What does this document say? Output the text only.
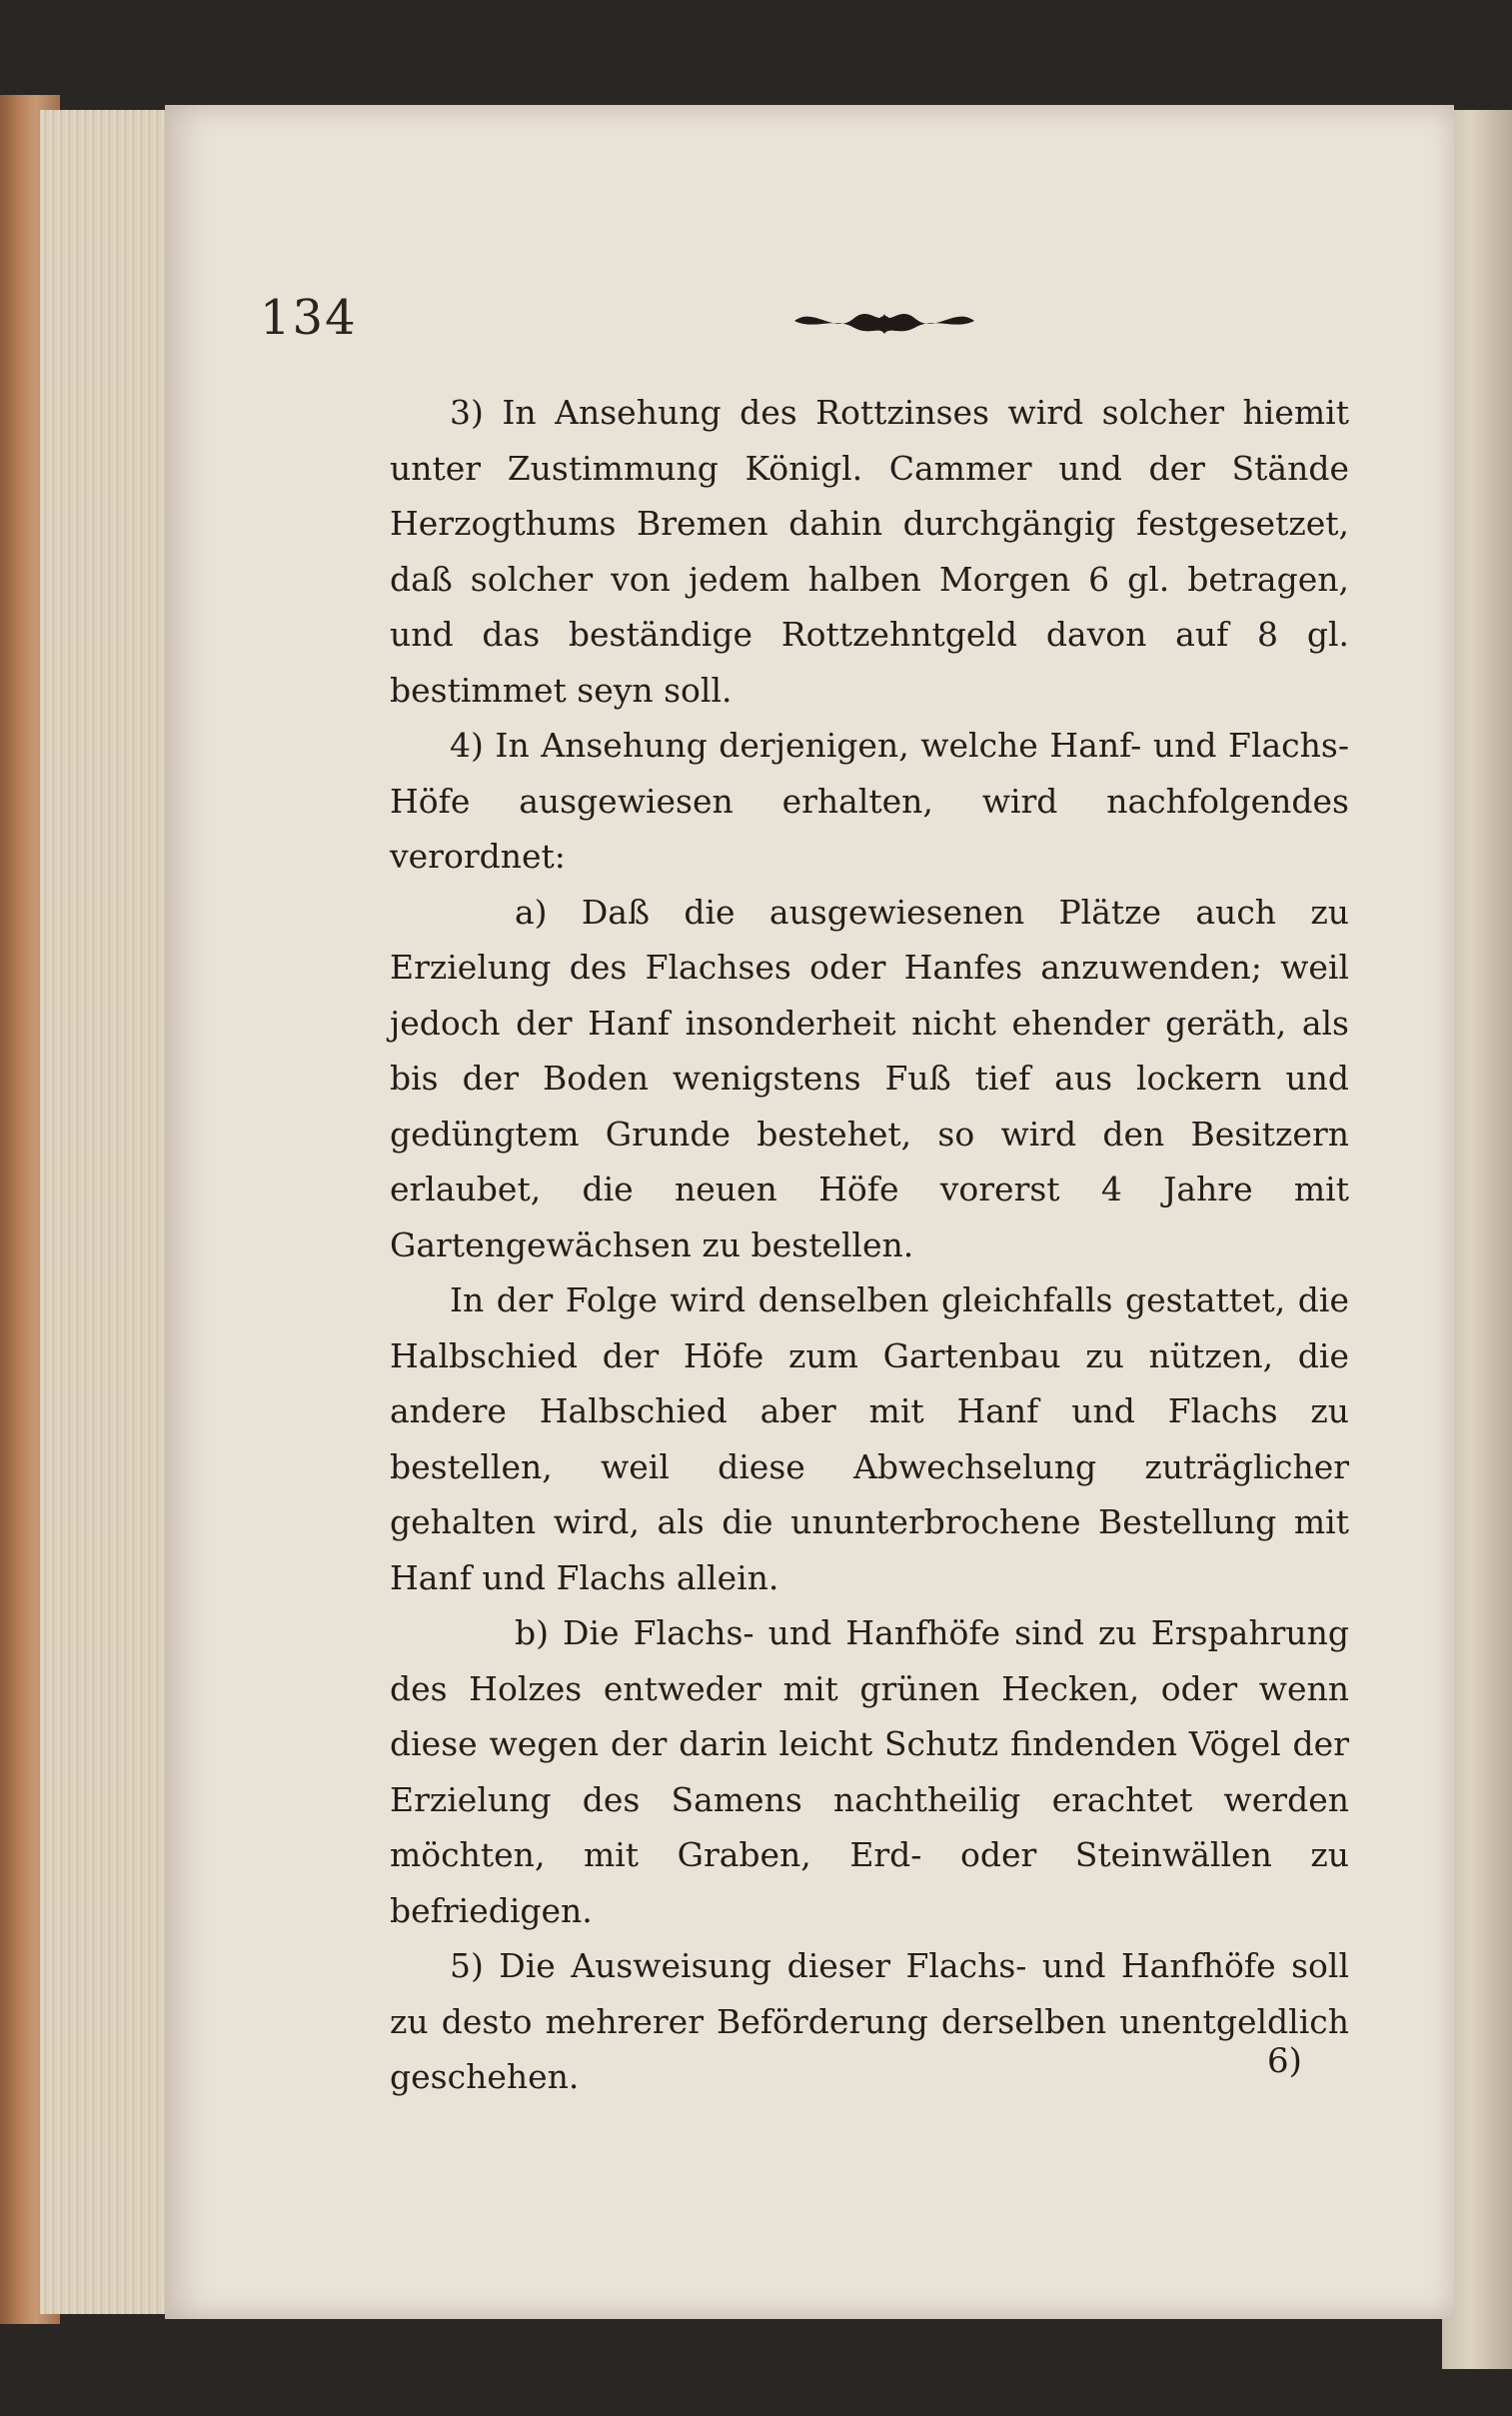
134

3) In Ansehung des Rottzinses wird solcher hiemit unter Zustimmung Königl. Cammer und der Stände Herzogthums Bremen dahin durchgängig festgesetzet, daß solcher von jedem halben Morgen 6 gl. betragen, und das beständige Rottzehntgeld davon auf 8 gl. bestimmet seyn soll.

4) In Ansehung derjenigen, welche Hanf- und Flachs-Höfe ausgewiesen erhalten, wird nachfolgendes verordnet:

a) Daß die ausgewiesenen Plätze auch zu Erzielung des Flachses oder Hanfes anzuwenden; weil jedoch der Hanf insonderheit nicht ehender geräth, als bis der Boden wenigstens Fuß tief aus lockern und gedüngtem Grunde bestehet, so wird den Besitzern erlaubet, die neuen Höfe vorerst 4 Jahre mit Gartengewächsen zu bestellen.

In der Folge wird denselben gleichfalls gestattet, die Halbschied der Höfe zum Gartenbau zu nützen, die andere Halbschied aber mit Hanf und Flachs zu bestellen, weil diese Abwechselung zuträglicher gehalten wird, als die ununterbrochene Bestellung mit Hanf und Flachs allein.

b) Die Flachs- und Hanfhöfe sind zu Erspahrung des Holzes entweder mit grünen Hecken, oder wenn diese wegen der darin leicht Schutz findenden Vögel der Erzielung des Samens nachtheilig erachtet werden möchten, mit Graben, Erd- oder Steinwällen zu befriedigen.

5) Die Ausweisung dieser Flachs- und Hanfhöfe soll zu desto mehrerer Beförderung derselben unentgeldlich geschehen.	6)
